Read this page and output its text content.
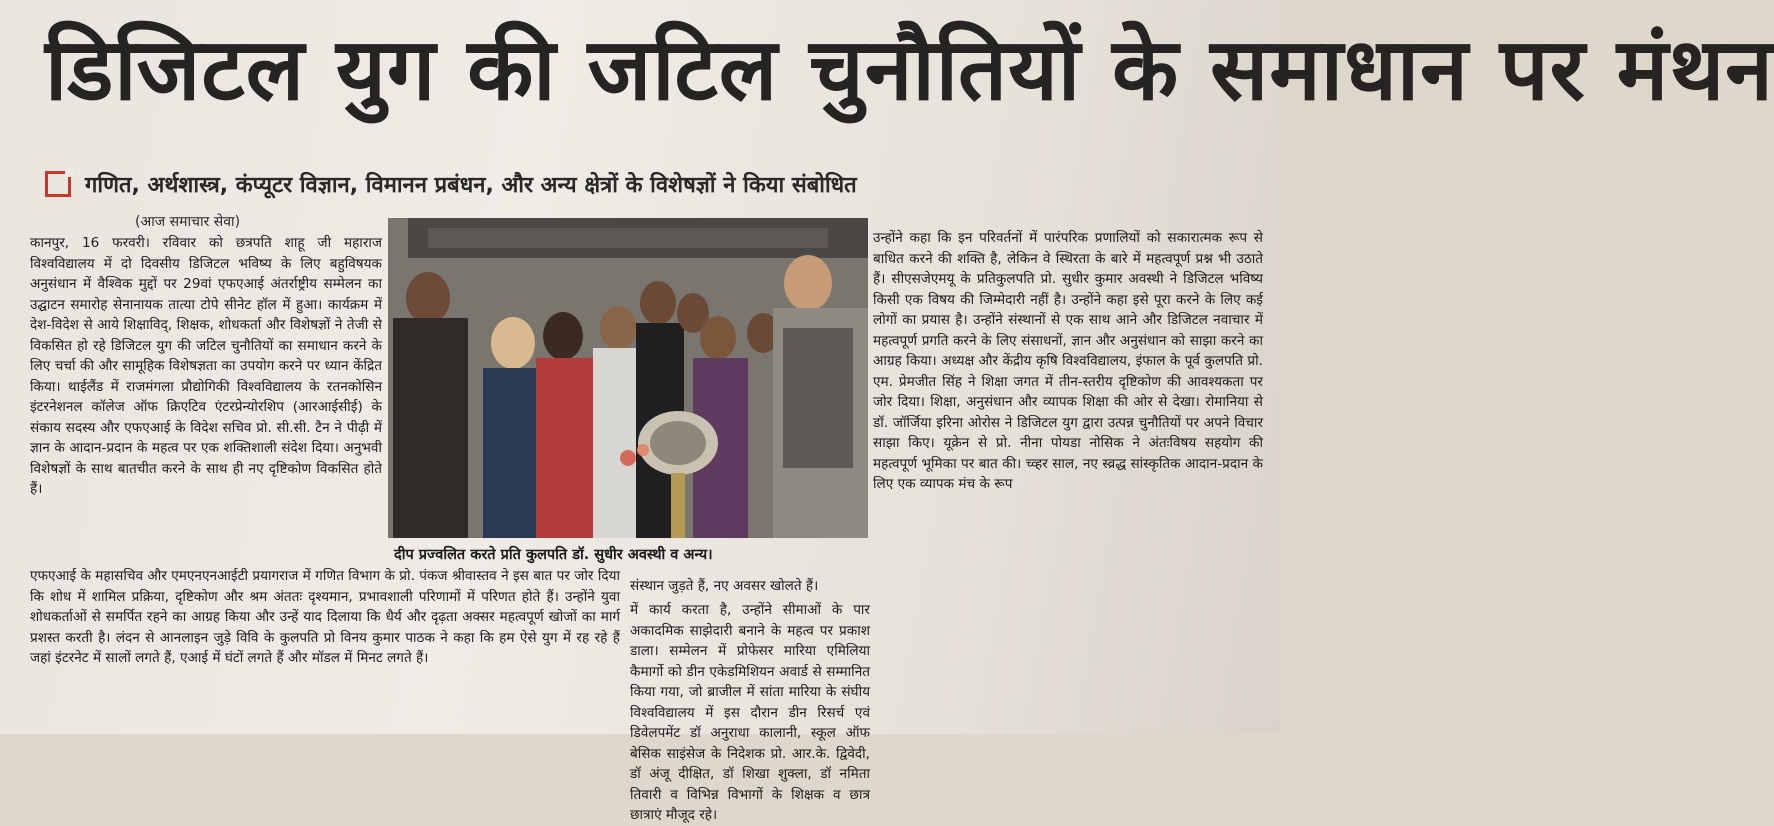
डिजिटल युग की जटिल चुनौतियों के समाधान पर मंथन
गणित, अर्थशास्त्र, कंप्यूटर विज्ञान, विमानन प्रबंधन, और अन्य क्षेत्रों के विशेषज्ञों ने किया संबोधित
(आज समाचार सेवा)

कानपुर, 16 फरवरी। रविवार को छत्रपति शाहू जी महाराज विश्वविद्यालय में दो दिवसीय डिजिटल भविष्य के लिए बहुविषयक अनुसंधान में वैश्विक मुद्दों पर 29वां एफएआई अंतर्राष्ट्रीय सम्मेलन का उद्घाटन समारोह सेनानायक तात्या टोपे सीनेट हॉल में हुआ। कार्यक्रम में देश-विदेश से आये शिक्षाविद्, शिक्षक, शोधकर्ता और विशेषज्ञों ने तेजी से विकसित हो रहे डिजिटल युग की जटिल चुनौतियों का समाधान करने के लिए चर्चा की और सामूहिक विशेषज्ञता का उपयोग करने पर ध्यान केंद्रित किया। थाईलैंड में राजमंगला प्रौद्योगिकी विश्वविद्यालय के रतनकोसिन इंटरनेशनल कॉलेज ऑफ क्रिएटिव एंटरप्रेन्योरशिप (आरआईसीई) के संकाय सदस्य और एफएआई के विदेश सचिव प्रो. सी.सी. टैन ने पीढ़ी में ज्ञान के आदान-प्रदान के महत्व पर एक शक्तिशाली संदेश दिया। अनुभवी विशेषज्ञों के साथ बातचीत करने के साथ ही नए दृष्टिकोण विकसित होते हैं।

दीप प्रज्वलित करते प्रति कुलपति डॉ. सुधीर अवस्थी व अन्य।

उन्होंने कहा कि इन परिवर्तनों में पारंपरिक प्रणालियों को सकारात्मक रूप से बाधित करने की शक्ति है, लेकिन वे स्थिरता के बारे में महत्वपूर्ण प्रश्न भी उठाते हैं। सीएसजेएमयू के प्रतिकुलपति प्रो. सुधीर कुमार अवस्थी ने डिजिटल भविष्य किसी एक विषय की जिम्मेदारी नहीं है। उन्होंने कहा इसे पूरा करने के लिए कई लोगों का प्रयास है। उन्होंने संस्थानों से एक साथ आने और डिजिटल नवाचार में महत्वपूर्ण प्रगति करने के लिए संसाधनों, ज्ञान और अनुसंधान को साझा करने का आग्रह किया। अध्यक्ष और केंद्रीय कृषि विश्वविद्यालय, इंफाल के पूर्व कुलपति प्रो. एम. प्रेमजीत सिंह ने शिक्षा जगत में तीन-स्तरीय दृष्टिकोण की आवश्यकता पर जोर दिया। शिक्षा, अनुसंधान और व्यापक शिक्षा की ओर से देखा। रोमानिया से डॉ. जॉर्जिया इरिना ओरोस ने डिजिटल युग द्वारा उत्पन्न चुनौतियों पर अपने विचार साझा किए। यूक्रेन से प्रो. नीना पोयडा नोसिक ने अंतःविषय सहयोग की महत्वपूर्ण भूमिका पर बात की। च्व्हर साल, नए स्व्रद्ध सांस्कृतिक आदान-प्रदान के लिए एक व्यापक मंच के रूप

एफएआई के महासचिव और एमएनएनआईटी प्रयागराज में गणित विभाग के प्रो. पंकज श्रीवास्तव ने इस बात पर जोर दिया कि शोध में शामिल प्रक्रिया, दृष्टिकोण और श्रम अंततः दृश्यमान, प्रभावशाली परिणामों में परिणत होते हैं। उन्होंने युवा शोधकर्ताओं से समर्पित रहने का आग्रह किया और उन्हें याद दिलाया कि धैर्य और दृढ़ता अक्सर महत्वपूर्ण खोजों का मार्ग प्रशस्त करती है। लंदन से आनलाइन जुड़े विवि के कुलपति प्रो विनय कुमार पाठक ने कहा कि हम ऐसे युग में रह रहे हैं जहां इंटरनेट में सालों लगते हैं, एआई में घंटों लगते हैं और मॉडल में मिनट लगते हैं।

संस्थान जुड़ते हैं, नए अवसर खोलते हैं।

में कार्य करता है, उन्होंने सीमाओं के पार अकादमिक साझेदारी बनाने के महत्व पर प्रकाश डाला। सम्मेलन में प्रोफेसर मारिया एमिलिया कैमार्गो को डीन एकेडमिशियन अवार्ड से सम्मानित किया गया, जो ब्राजील में सांता मारिया के संघीय विश्वविद्यालय में इस दौरान डीन रिसर्च एवं डिवेलपमेंट डॉ अनुराधा कालानी, स्कूल ऑफ बेसिक साइंसेज के निदेशक प्रो. आर.के. द्विवेदी, डॉ अंजू दीक्षित, डॉ शिखा शुक्ला, डॉ नमिता तिवारी व विभिन्न विभागों के शिक्षक व छात्र छात्राएं मौजूद रहे।
